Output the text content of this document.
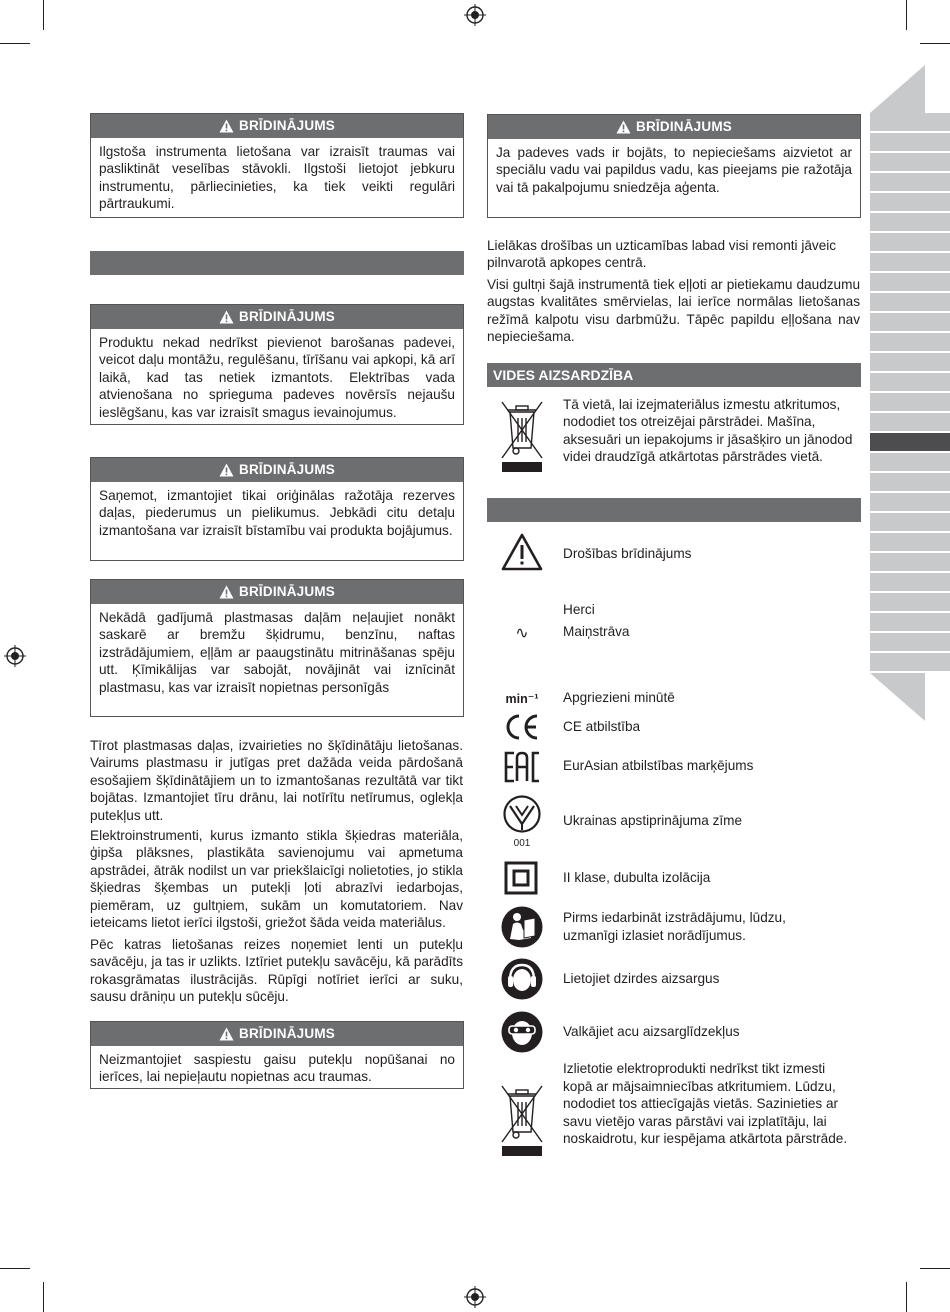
BRĪDINĀJUMS
Ilgstoša instrumenta lietošana var izraisīt traumas vai pasliktināt veselības stāvokli. Ilgstoši lietojot jebkuru instrumentu, pārliecinieties, ka tiek veikti regulāri pārtraukumi.
BRĪDINĀJUMS
Produktu nekad nedrīkst pievienot barošanas padevei, veicot daļu montāžu, regulēšanu, tīrīšanu vai apkopi, kā arī laikā, kad tas netiek izmantots. Elektrības vada atvienošana no sprieguma padeves novērsīs nejaušu ieslēgšanu, kas var izraisīt smagus ievainojumus.
BRĪDINĀJUMS
Saņemot, izmantojiet tikai oriģinālas ražotāja rezerves daļas, piederumus un pielikumus. Jebkādi citu detaļu izmantošana var izraisīt bīstamību vai produkta bojājumus.
BRĪDINĀJUMS
Nekādā gadījumā plastmasas daļām neļaujiet nonākt saskarē ar bremžu šķidrumu, benzīnu, naftas izstrādājumiem, eļļām ar paaugstinātu mitrināšanas spēju utt. Ķīmikālijas var sabojāt, novājināt vai iznīcināt plastmasu, kas var izraisīt nopietnas personīgās

Tīrot plastmasas daļas, izvairieties no šķīdinātāju lietošanas. Vairums plastmasu ir jutīgas pret dažāda veida pārdošanā esošajiem šķīdinātājiem un to izmantošanas rezultātā var tikt bojātas. Izmantojiet tīru drānu, lai notīrītu netīrumus, oglekļa putekļus utt.

Elektroinstrumenti, kurus izmanto stikla šķiedras materiāla, ģipša plāksnes, plastikāta savienojumu vai apmetuma apstrādei, ātrāk nodilst un var priekšlaicīgi nolietoties, jo stikla šķiedras šķembas un putekļi ļoti abrazīvi iedarbojas, piemēram, uz gultņiem, sukām un komutatoriem. Nav ieteicams lietot ierīci ilgstoši, griežot šāda veida materiālus.

Pēc katras lietošanas reizes noņemiet lenti un putekļu savācēju, ja tas ir uzlikts. Iztīriet putekļu savācēju, kā parādīts rokasgrāmatas ilustrācijās. Rūpīgi notīriet ierīci ar suku, sausu drāniņu un putekļu sūcēju.

BRĪDINĀJUMS
Neizmantojiet saspiestu gaisu putekļu nopūšanai no ierīces, lai nepieļautu nopietnas acu traumas.
BRĪDINĀJUMS
Ja padeves vads ir bojāts, to nepieciešams aizvietot ar speciālu vadu vai papildus vadu, kas pieejams pie ražotāja vai tā pakalpojumu sniedzēja aģenta.

Lielākas drošības un uzticamības labad visi remonti jāveic pilnvarotā apkopes centrā.

Visi gultņi šajā instrumentā tiek eļļoti ar pietiekamu daudzumu augstas kvalitātes smērvielas, lai ierīce normālas lietošanas režīmā kalpotu visu darbmūžu. Tāpēc papildu eļļošana nav nepieciešama.

VIDES AIZSARDZĪBA
Tā vietā, lai izejmateriālus izmestu atkritumos, nododiet tos otreizējai pārstrādei. Mašīna, aksesuāri un iepakojums ir jāsašķiro un jānodod videi draudzīgā atkārtotas pārstrādes vietā.
Drošības brīdinājums
Herci
∿	Maiņstrāva
min⁻¹	Apgriezieni minūtē
CE atbilstība
EurAsian atbilstības marķējums
001
Ukrainas apstiprinājuma zīme
II klase, dubulta izolācija
Pirms iedarbināt izstrādājumu, lūdzu, uzmanīgi izlasiet norādījumus.
Lietojiet dzirdes aizsargus
Valkājiet acu aizsarglīdzekļus
Izlietotie elektroprodukti nedrīkst tikt izmesti kopā ar mājsaimniecības atkritumiem. Lūdzu, nododiet tos attiecīgajās vietās. Sazinieties ar savu vietējo varas pārstāvi vai izplatītāju, lai noskaidrotu, kur iespējama atkārtota pārstrāde.
